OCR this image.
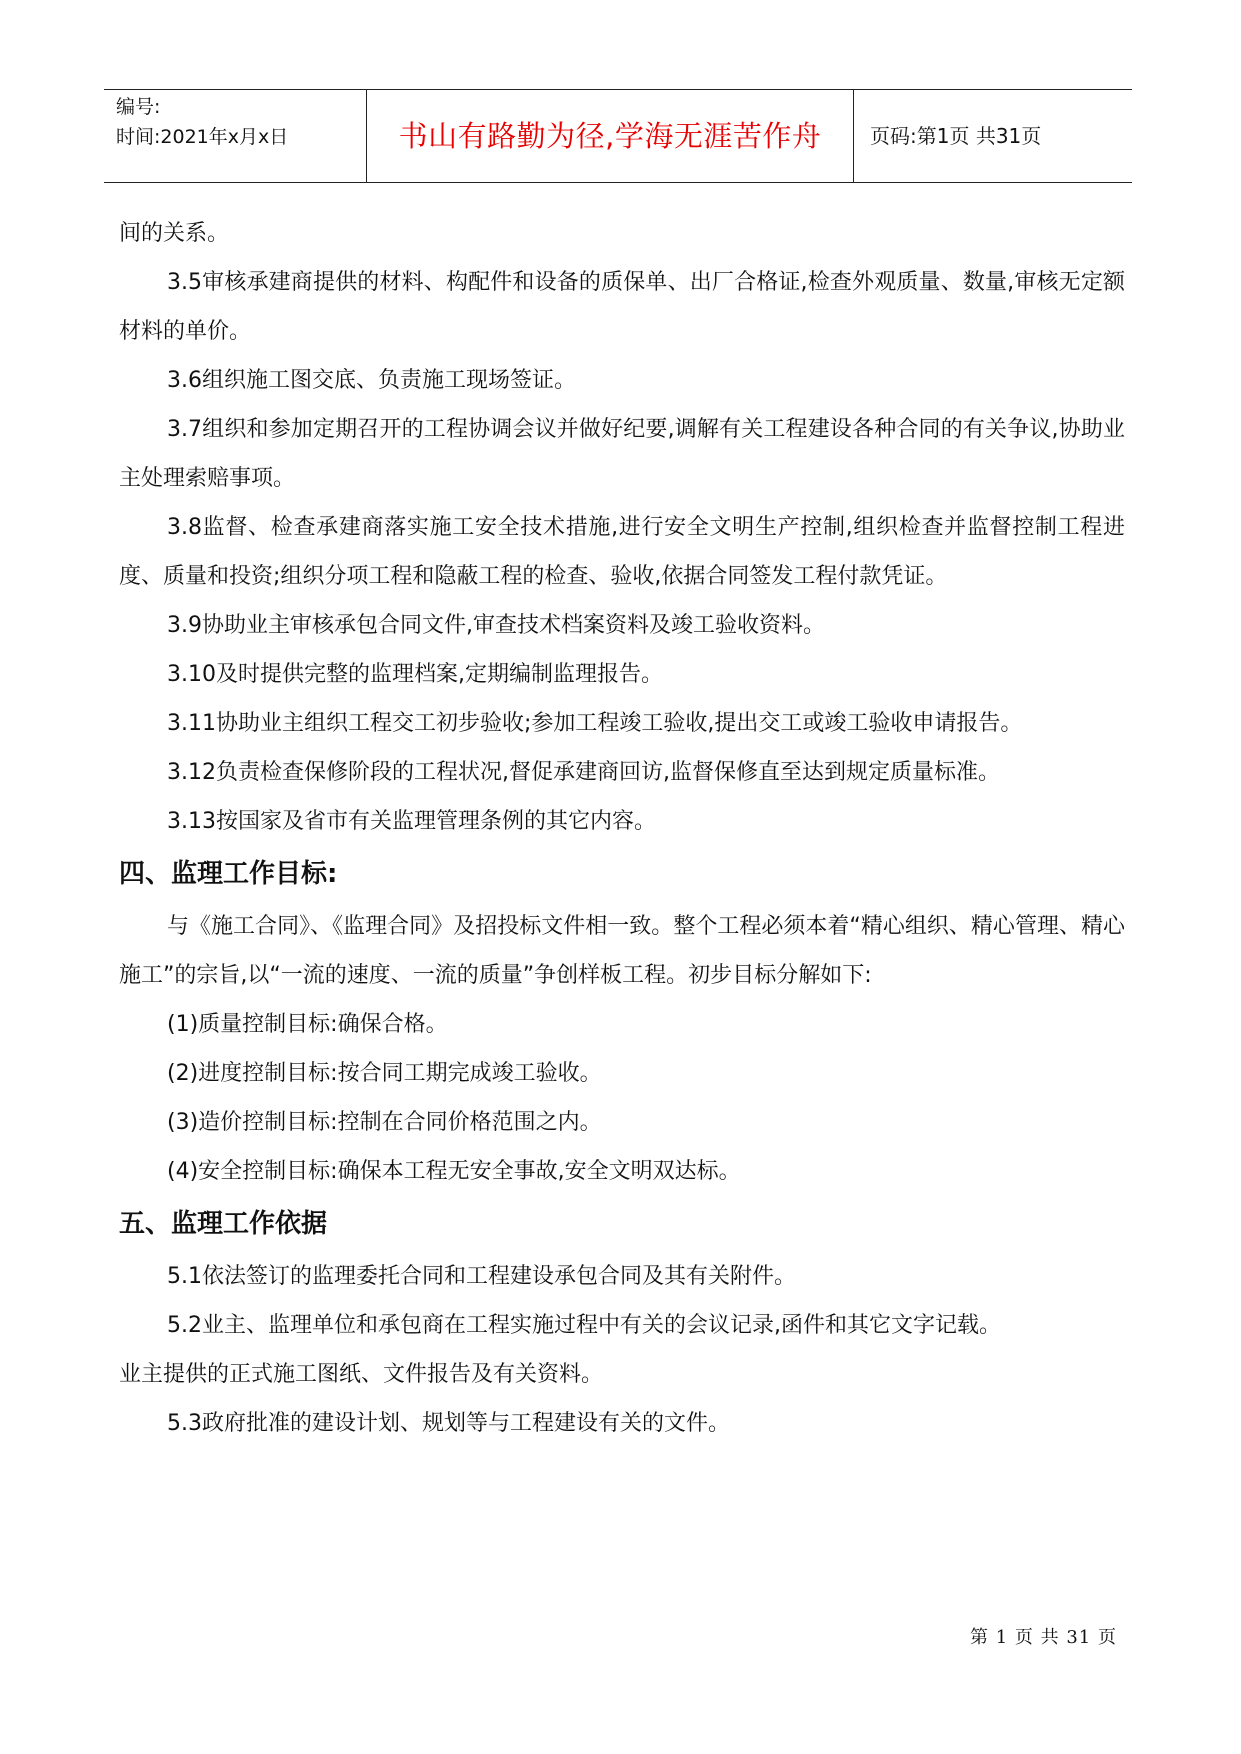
编号:
时间:2021年x月x日	书山有路勤为径,学海无涯苦作舟	页码:第1页 共31页

间的关系。

3.5审核承建商提供的材料、构配件和设备的质保单、出厂合格证,检查外观质量、数量,审核无定额材料的单价。

3.6组织施工图交底、负责施工现场签证。

3.7组织和参加定期召开的工程协调会议并做好纪要,调解有关工程建设各种合同的有关争议,协助业主处理索赔事项。

3.8监督、检查承建商落实施工安全技术措施,进行安全文明生产控制,组织检查并监督控制工程进度、质量和投资;组织分项工程和隐蔽工程的检查、验收,依据合同签发工程付款凭证。

3.9协助业主审核承包合同文件,审查技术档案资料及竣工验收资料。

3.10及时提供完整的监理档案,定期编制监理报告。

3.11协助业主组织工程交工初步验收;参加工程竣工验收,提出交工或竣工验收申请报告。

3.12负责检查保修阶段的工程状况,督促承建商回访,监督保修直至达到规定质量标准。

3.13按国家及省市有关监理管理条例的其它内容。

四、监理工作目标:

与《施工合同》、《监理合同》及招投标文件相一致。整个工程必须本着“精心组织、精心管理、精心施工”的宗旨,以“一流的速度、一流的质量”争创样板工程。初步目标分解如下:

(1)质量控制目标:确保合格。

(2)进度控制目标:按合同工期完成竣工验收。

(3)造价控制目标:控制在合同价格范围之内。

(4)安全控制目标:确保本工程无安全事故,安全文明双达标。

五、监理工作依据

5.1依法签订的监理委托合同和工程建设承包合同及其有关附件。

5.2业主、监理单位和承包商在工程实施过程中有关的会议记录,函件和其它文字记载。

业主提供的正式施工图纸、文件报告及有关资料。

5.3政府批准的建设计划、规划等与工程建设有关的文件。

第 1 页 共 31 页
